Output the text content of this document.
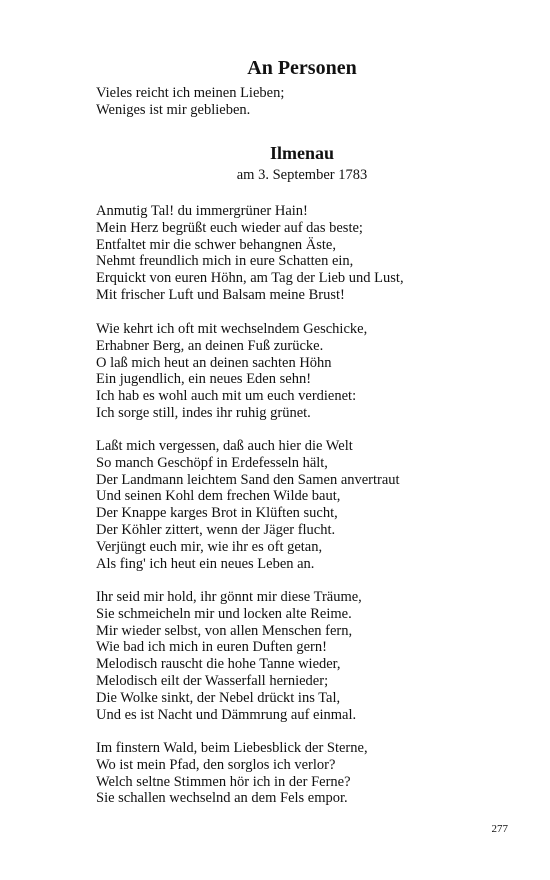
An Personen
Vieles reicht ich meinen Lieben;
Weniges ist mir geblieben.
Ilmenau

am 3. September 1783

Anmutig Tal! du immergrüner Hain!
Mein Herz begrüßt euch wieder auf das beste;
Entfaltet mir die schwer behangnen Äste,
Nehmt freundlich mich in eure Schatten ein,
Erquickt von euren Höhn, am Tag der Lieb und Lust,
Mit frischer Luft und Balsam meine Brust!
Wie kehrt ich oft mit wechselndem Geschicke,
Erhabner Berg, an deinen Fuß zurücke.
O laß mich heut an deinen sachten Höhn
Ein jugendlich, ein neues Eden sehn!
Ich hab es wohl auch mit um euch verdienet:
Ich sorge still, indes ihr ruhig grünet.
Laßt mich vergessen, daß auch hier die Welt
So manch Geschöpf in Erdefesseln hält,
Der Landmann leichtem Sand den Samen anvertraut
Und seinen Kohl dem frechen Wilde baut,
Der Knappe karges Brot in Klüften sucht,
Der Köhler zittert, wenn der Jäger flucht.
Verjüngt euch mir, wie ihr es oft getan,
Als fing' ich heut ein neues Leben an.
Ihr seid mir hold, ihr gönnt mir diese Träume,
Sie schmeicheln mir und locken alte Reime.
Mir wieder selbst, von allen Menschen fern,
Wie bad ich mich in euren Duften gern!
Melodisch rauscht die hohe Tanne wieder,
Melodisch eilt der Wasserfall hernieder;
Die Wolke sinkt, der Nebel drückt ins Tal,
Und es ist Nacht und Dämmrung auf einmal.
Im finstern Wald, beim Liebesblick der Sterne,
Wo ist mein Pfad, den sorglos ich verlor?
Welch seltne Stimmen hör ich in der Ferne?
Sie schallen wechselnd an dem Fels empor.
277
